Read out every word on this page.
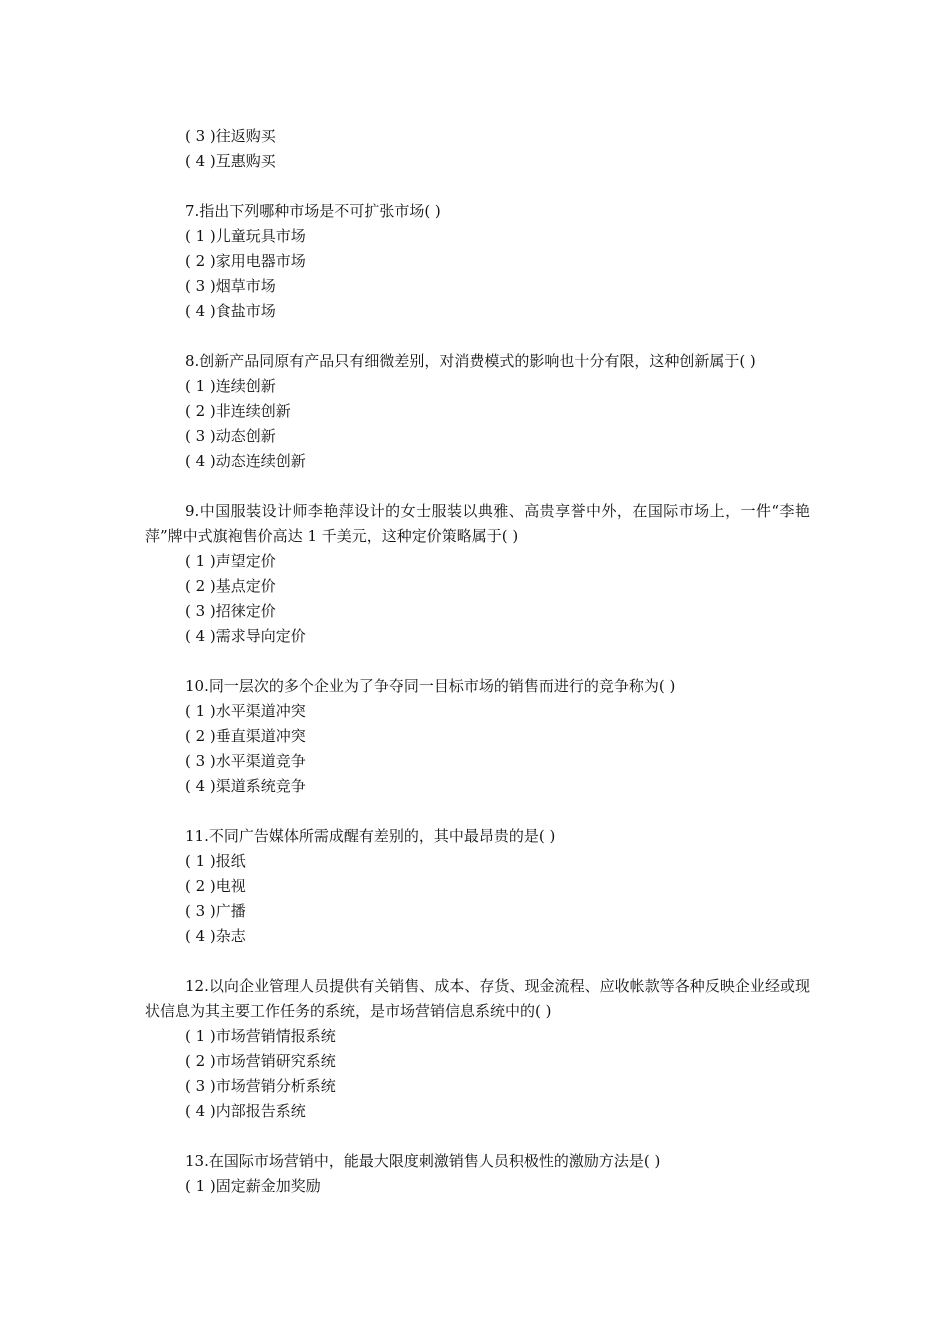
( 3 )往返购买
( 4 )互惠购买
7.指出下列哪种市场是不可扩张市场( )
( 1 )儿童玩具市场
( 2 )家用电器市场
( 3 )烟草市场
( 4 )食盐市场
8.创新产品同原有产品只有细微差别，对消费模式的影响也十分有限，这种创新属于( )
( 1 )连续创新
( 2 )非连续创新
( 3 )动态创新
( 4 )动态连续创新
9.中国服装设计师李艳萍设计的女士服装以典雅、高贵享誉中外，在国际市场上，一件“李艳萍”牌中式旗袍售价高达 1 千美元，这种定价策略属于( )
( 1 )声望定价
( 2 )基点定价
( 3 )招徕定价
( 4 )需求导向定价
10.同一层次的多个企业为了争夺同一目标市场的销售而进行的竞争称为( )
( 1 )水平渠道冲突
( 2 )垂直渠道冲突
( 3 )水平渠道竞争
( 4 )渠道系统竞争
11.不同广告媒体所需成醒有差别的，其中最昂贵的是( )
( 1 )报纸
( 2 )电视
( 3 )广播
( 4 )杂志
12.以向企业管理人员提供有关销售、成本、存货、现金流程、应收帐款等各种反映企业经或现状信息为其主要工作任务的系统，是市场营销信息系统中的( )
( 1 )市场营销情报系统
( 2 )市场营销研究系统
( 3 )市场营销分析系统
( 4 )内部报告系统
13.在国际市场营销中，能最大限度刺激销售人员积极性的激励方法是( )
( 1 )固定薪金加奖励
